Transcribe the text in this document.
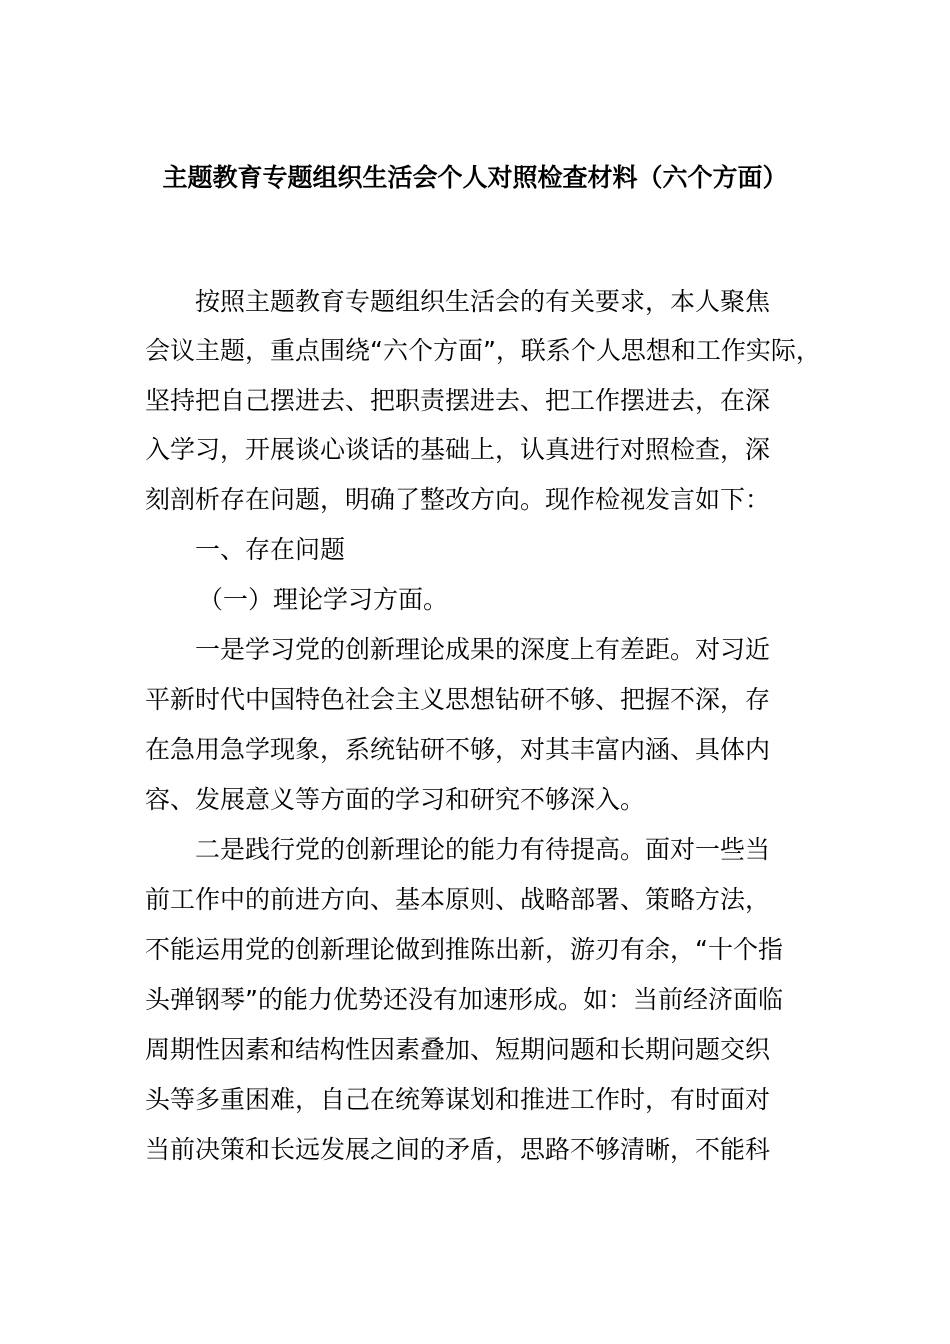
主题教育专题组织生活会个人对照检查材料（六个方面）
按照主题教育专题组织生活会的有关要求，本人聚焦
会议主题，重点围绕“六个方面”，联系个人思想和工作实际，
坚持把自己摆进去、把职责摆进去、把工作摆进去，在深
入学习，开展谈心谈话的基础上，认真进行对照检查，深
刻剖析存在问题，明确了整改方向。现作检视发言如下：
一、存在问题
（一）理论学习方面。
一是学习党的创新理论成果的深度上有差距。对习近
平新时代中国特色社会主义思想钻研不够、把握不深，存
在急用急学现象，系统钻研不够，对其丰富内涵、具体内
容、发展意义等方面的学习和研究不够深入。
二是践行党的创新理论的能力有待提高。面对一些当
前工作中的前进方向、基本原则、战略部署、策略方法，
不能运用党的创新理论做到推陈出新，游刃有余，“十个指
头弹钢琴”的能力优势还没有加速形成。如：当前经济面临
周期性因素和结构性因素叠加、短期问题和长期问题交织
头等多重困难，自己在统筹谋划和推进工作时，有时面对
当前决策和长远发展之间的矛盾，思路不够清晰，不能科
